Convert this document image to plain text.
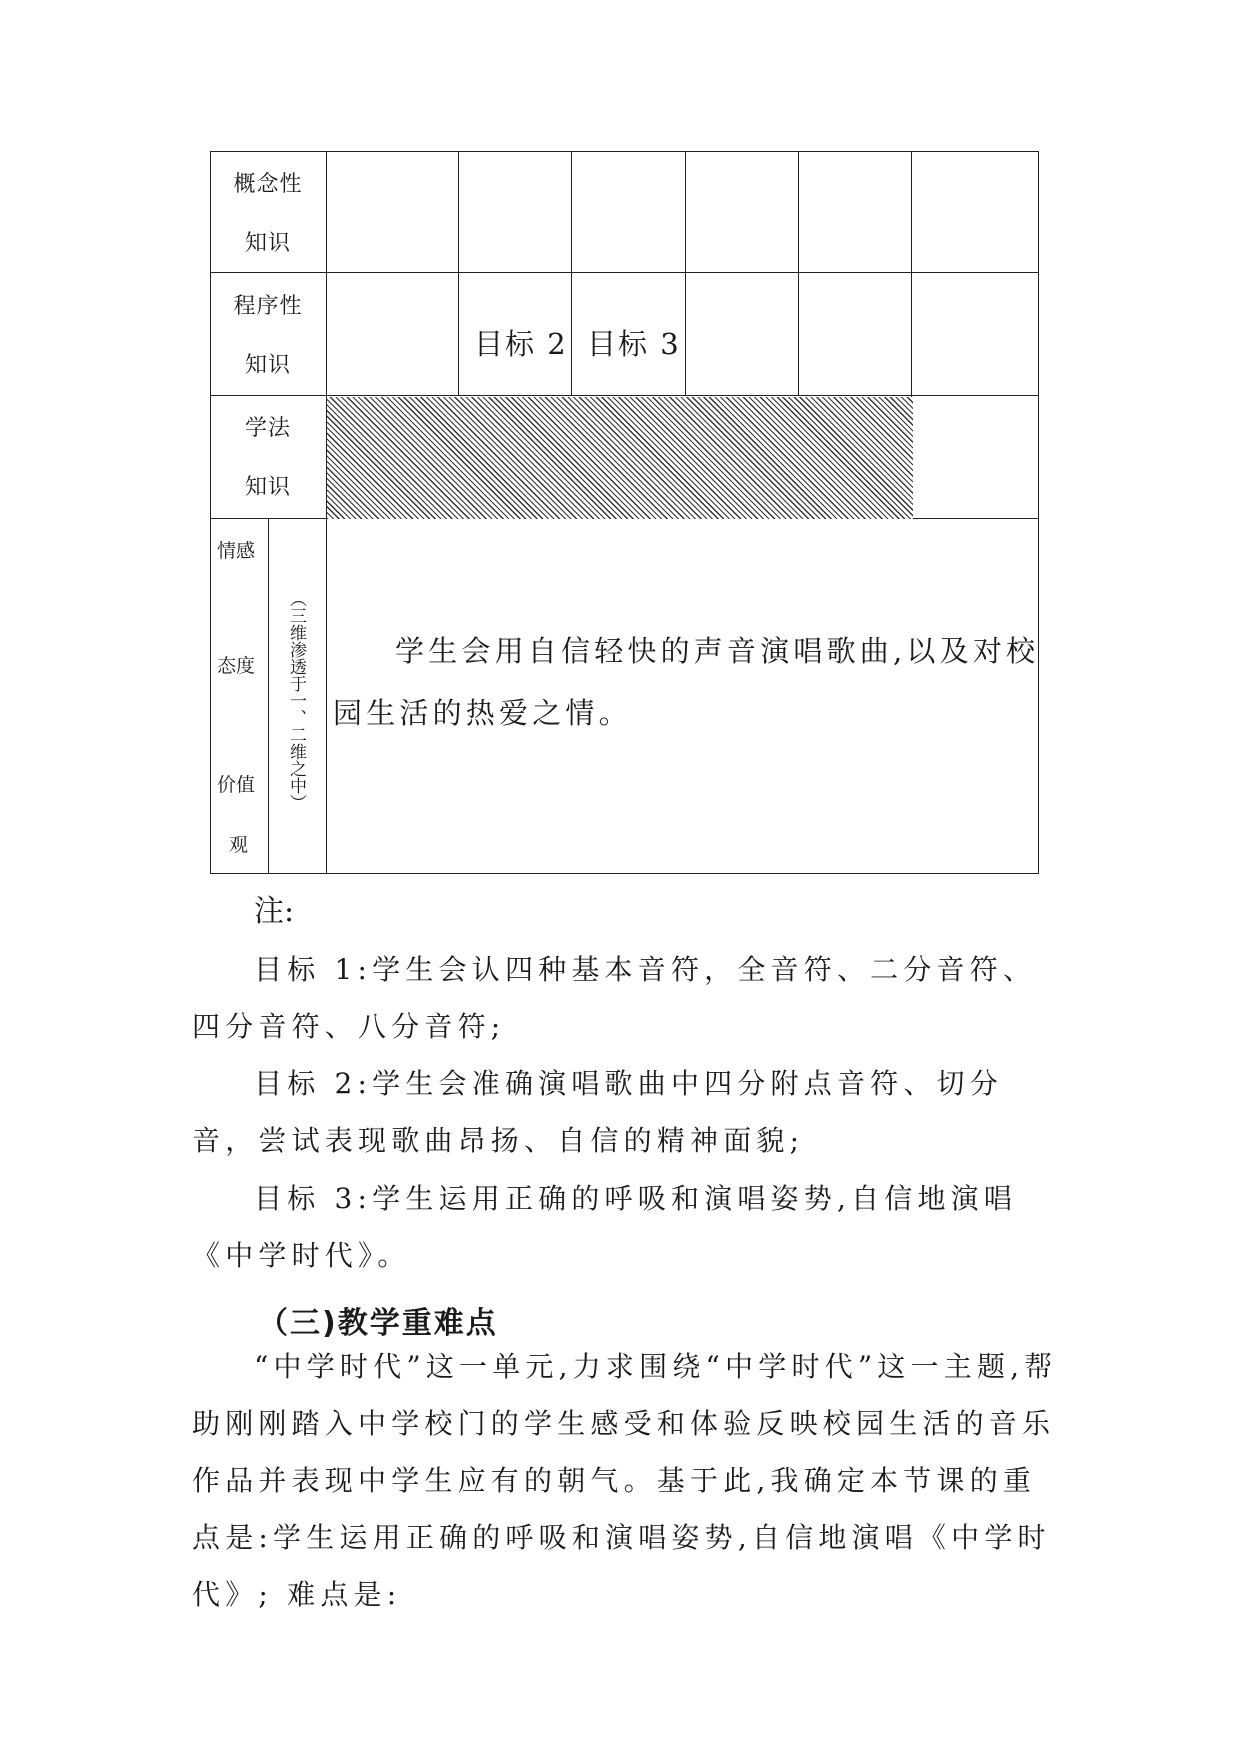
概念性
知识
程序性
知识
目标 2 目标 3
学法
知识
情感
态度
价值
观
（三维渗透于一、二维之中）	学生会用自信轻快的声音演唱歌曲,以及对校园生活的热爱之情。
注:
目标 1:学生会认四种基本音符，全音符、二分音符、四分音符、八分音符;
目标 2:学生会准确演唱歌曲中四分附点音符、切分音，尝试表现歌曲昂扬、自信的精神面貌;
目标 3:学生运用正确的呼吸和演唱姿势,自信地演唱《中学时代》。
（三)教学重难点
“中学时代”这一单元,力求围绕“中学时代”这一主题,帮助刚刚踏入中学校门的学生感受和体验反映校园生活的音乐作品并表现中学生应有的朝气。基于此,我确定本节课的重点是:学生运用正确的呼吸和演唱姿势,自信地演唱《中学时代》; 难点是:
